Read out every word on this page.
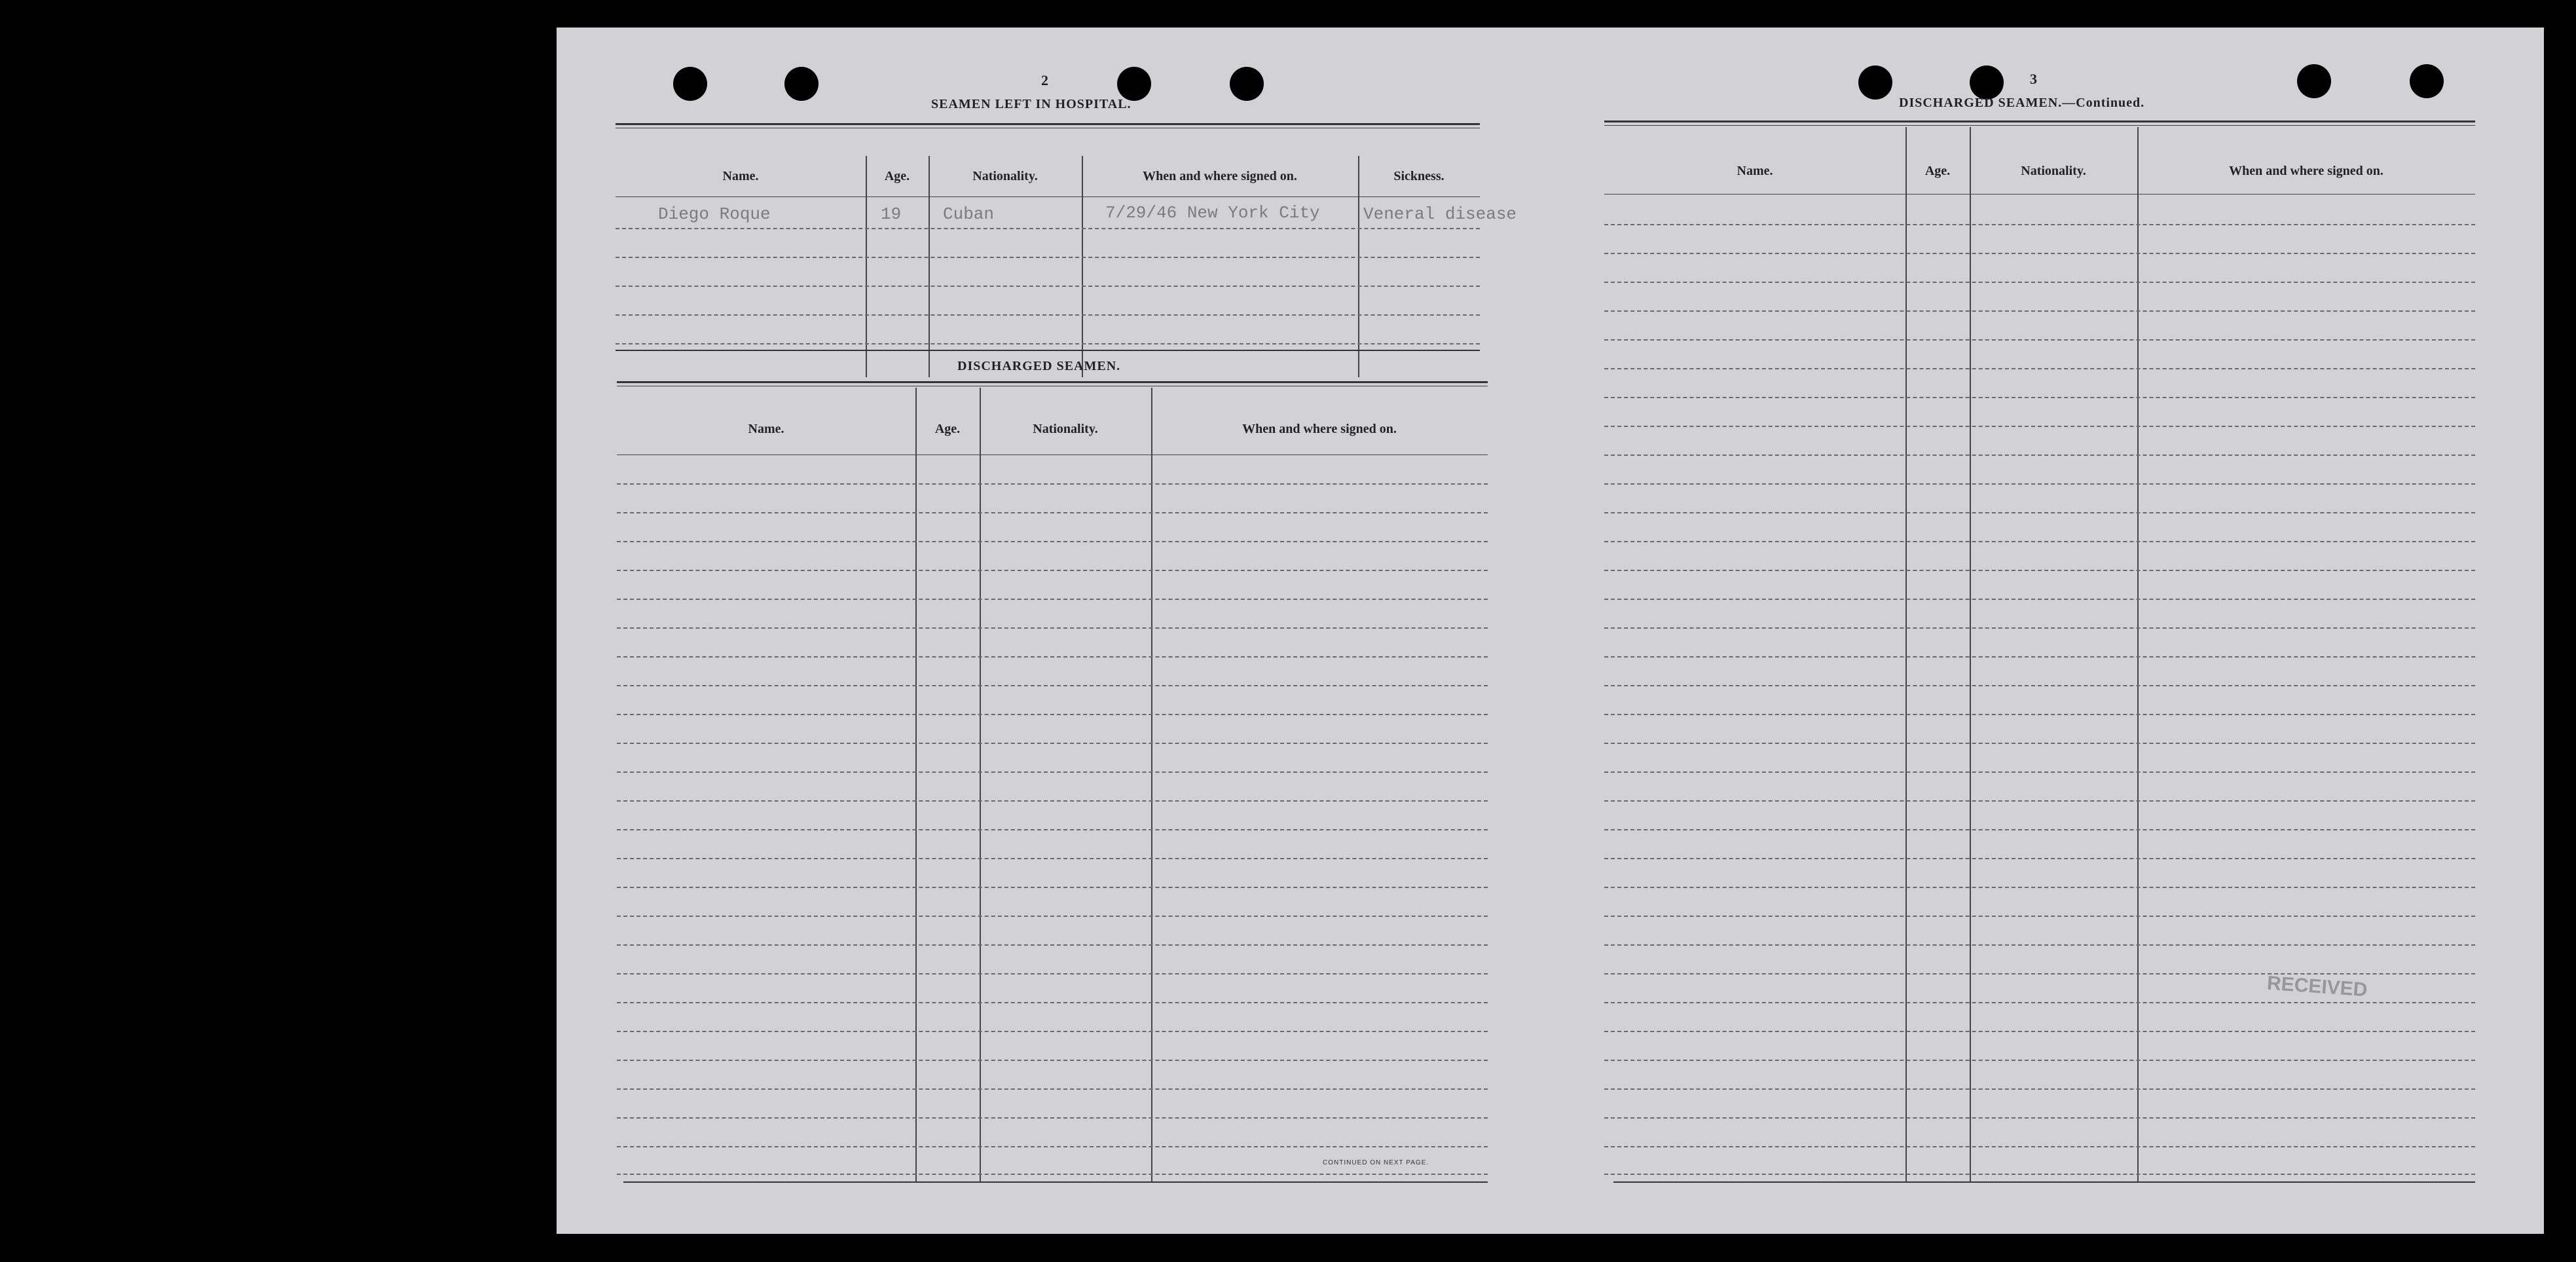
2
SEAMEN LEFT IN HOSPITAL.
Name.	Age.	Nationality.	When and where signed on.	Sickness.
Diego Roque	19 Cuban	7/29/46 New York City	Veneral disease
DISCHARGED SEAMEN.
Name.	Age.	Nationality.	When and where signed on.
CONTINUED ON NEXT PAGE.
3
DISCHARGED SEAMEN.—Continued.
Name.	Age.	Nationality.	When and where signed on.
RECEIVED
